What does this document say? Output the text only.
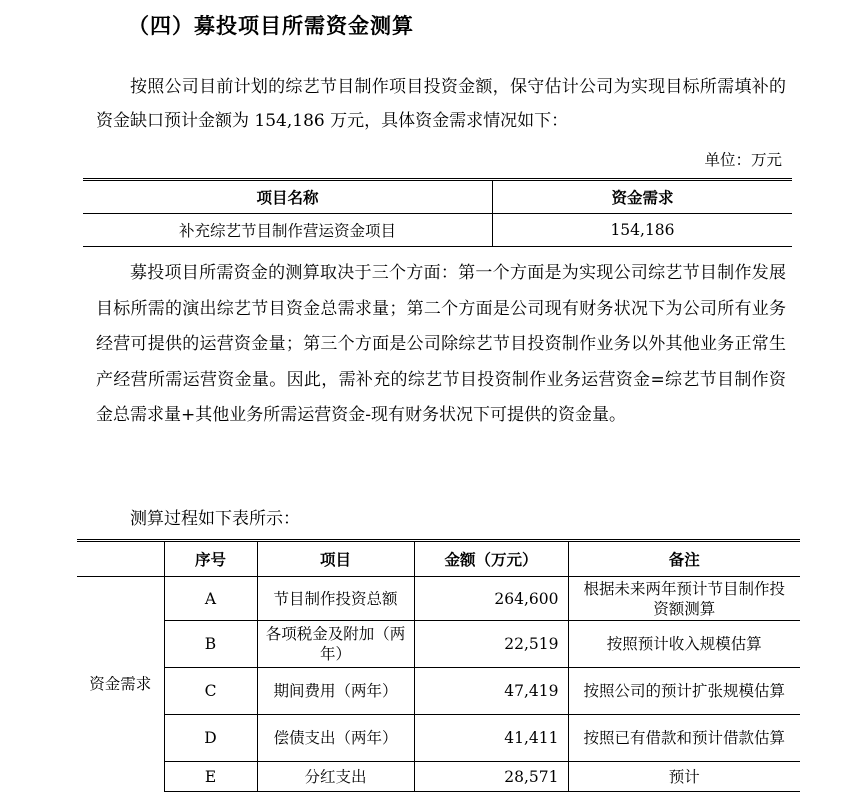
（四）募投项目所需资金测算

按照公司目前计划的综艺节目制作项目投资金额，保守估计公司为实现目标所需填补的资金缺口预计金额为 154,186 万元，具体资金需求情况如下：

单位：万元
项目名称	资金需求
补充综艺节目制作营运资金项目	154,186

募投项目所需资金的测算取决于三个方面：第一个方面是为实现公司综艺节目制作发展目标所需的演出综艺节目资金总需求量；第二个方面是公司现有财务状况下为公司所有业务经营可提供的运营资金量；第三个方面是公司除综艺节目投资制作业务以外其他业务正常生产经营所需运营资金量。因此，需补充的综艺节目投资制作业务运营资金=综艺节目制作资金总需求量+其他业务所需运营资金-现有财务状况下可提供的资金量。

测算过程如下表所示：
	序号	项目	金额（万元）	备注
资金需求	A	节目制作投资总额	264,600	根据未来两年预计节目制作投资额测算
	B	各项税金及附加（两年）	22,519	按照预计收入规模估算
	C	期间费用（两年）	47,419	按照公司的预计扩张规模估算
	D	偿债支出（两年）	41,411	按照已有借款和预计借款估算
	E	分红支出	28,571	预计
